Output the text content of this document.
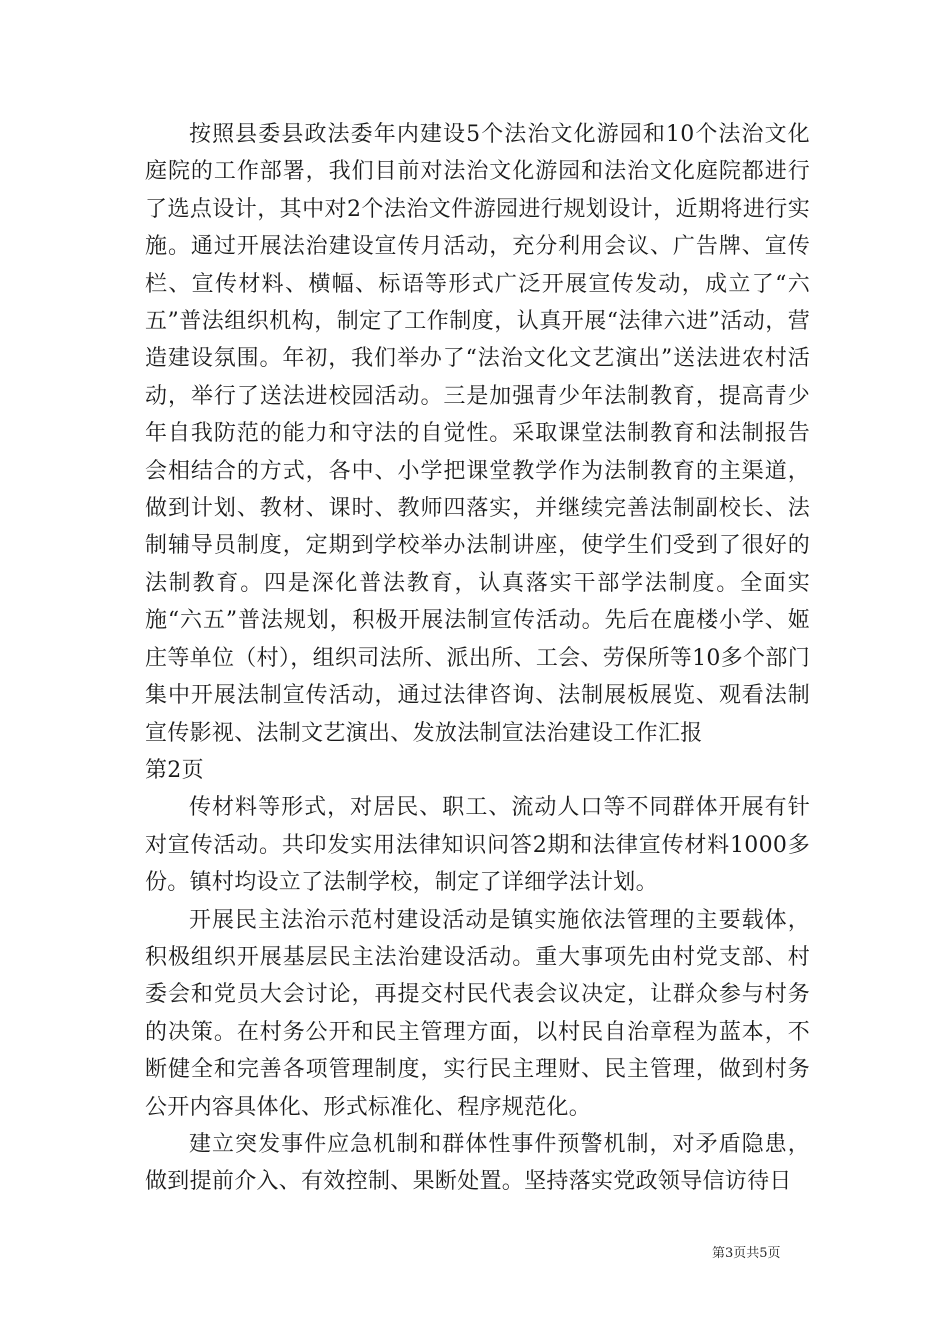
按照县委县政法委年内建设5个法治文化游园和10个法治文化庭院的工作部署，我们目前对法治文化游园和法治文化庭院都进行了选点设计，其中对2个法治文件游园进行规划设计，近期将进行实施。通过开展法治建设宣传月活动，充分利用会议、广告牌、宣传栏、宣传材料、横幅、标语等形式广泛开展宣传发动，成立了“六五”普法组织机构，制定了工作制度，认真开展“法律六进”活动，营造建设氛围。年初，我们举办了“法治文化文艺演出”送法进农村活动，举行了送法进校园活动。三是加强青少年法制教育，提高青少年自我防范的能力和守法的自觉性。采取课堂法制教育和法制报告会相结合的方式，各中、小学把课堂教学作为法制教育的主渠道，做到计划、教材、课时、教师四落实，并继续完善法制副校长、法制辅导员制度，定期到学校举办法制讲座，使学生们受到了很好的法制教育。四是深化普法教育，认真落实干部学法制度。全面实施“六五”普法规划，积极开展法制宣传活动。先后在鹿楼小学、姬庄等单位（村），组织司法所、派出所、工会、劳保所等10多个部门集中开展法制宣传活动，通过法律咨询、法制展板展览、观看法制宣传影视、法制文艺演出、发放法制宣法治建设工作汇报

第2页

传材料等形式，对居民、职工、流动人口等不同群体开展有针对宣传活动。共印发实用法律知识问答2期和法律宣传材料1000多份。镇村均设立了法制学校，制定了详细学法计划。

开展民主法治示范村建设活动是镇实施依法管理的主要载体，积极组织开展基层民主法治建设活动。重大事项先由村党支部、村委会和党员大会讨论，再提交村民代表会议决定，让群众参与村务的决策。在村务公开和民主管理方面，以村民自治章程为蓝本，不断健全和完善各项管理制度，实行民主理财、民主管理，做到村务公开内容具体化、形式标准化、程序规范化。

建立突发事件应急机制和群体性事件预警机制，对矛盾隐患，做到提前介入、有效控制、果断处置。坚持落实党政领导信访待日

第3页共5页
